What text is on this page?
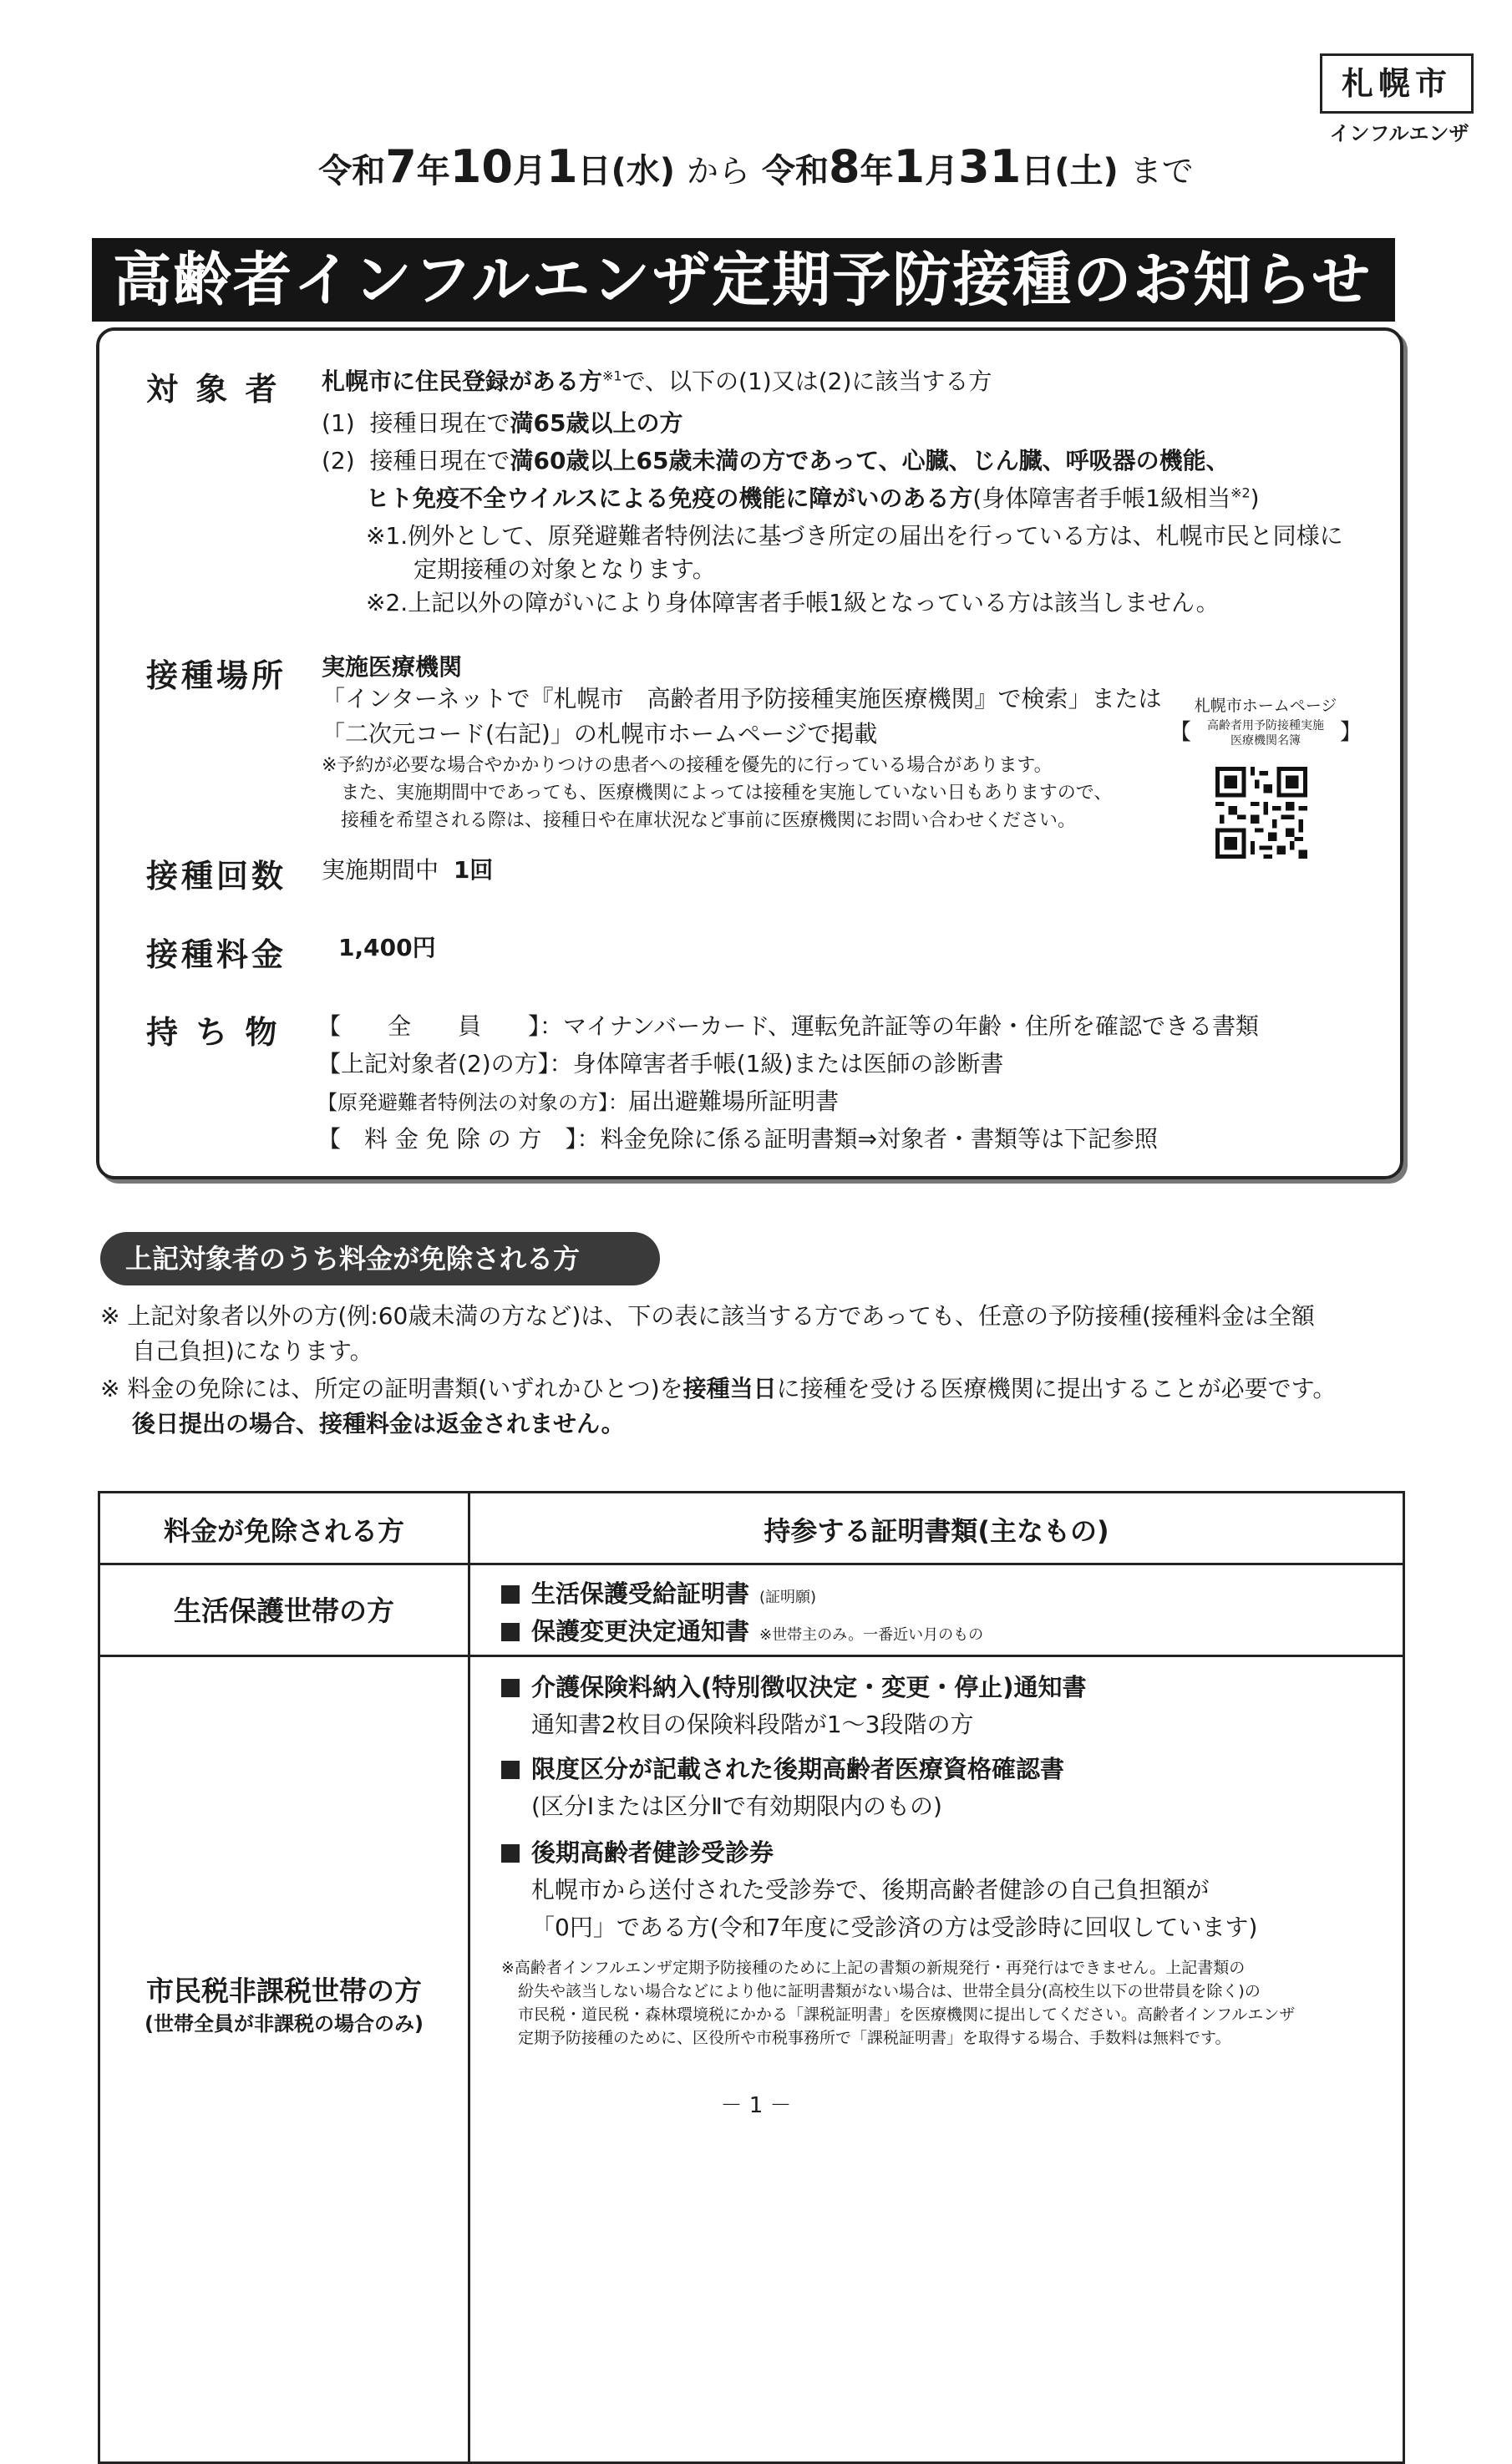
札幌市
インフルエンザ
令和7年10月1日(水) から 令和8年1月31日(土) まで
高齢者インフルエンザ定期予防接種のお知らせ
対 象 者 札幌市に住民登録がある方$^{※1}$で、以下の(1)又は(2)に該当する方
(1) 接種日現在で満65歳以上の方
(2) 接種日現在で満60歳以上65歳未満の方であって、心臓、じん臓、呼吸器の機能、
ヒト免疫不全ウイルスによる免疫の機能に障がいのある方(身体障害者手帳1級相当$^{※2}$)
※1.例外として、原発避難者特例法に基づき所定の届出を行っている方は、札幌市民と同様に
定期接種の対象となります。
※2.上記以外の障がいにより身体障害者手帳1級となっている方は該当しません。
接種場所 実施医療機関
「インターネットで『札幌市　高齢者用予防接種実施医療機関』で検索」または
「二次元コード(右記)」の札幌市ホームページで掲載
※予約が必要な場合やかかりつけの患者への接種を優先的に行っている場合があります。
また、実施期間中であっても、医療機関によっては接種を実施していない日もありますので、
接種を希望される際は、接種日や在庫状況など事前に医療機関にお問い合わせください。
札幌市ホームページ
【	】
高齢者用予防接種実施
医療機関名簿
接種回数 実施期間中 1回
接種料金 1,400円
持 ち 物 【　　全　　員　　】：マイナンバーカード、運転免許証等の年齢・住所を確認できる書類
【上記対象者(2)の方】：身体障害者手帳(1級)または医師の診断書
【原発避難者特例法の対象の方】：届出避難場所証明書
【　料 金 免 除 の 方　】：料金免除に係る証明書類⇒対象者・書類等は下記参照
上記対象者のうち料金が免除される方
※ 上記対象者以外の方(例:60歳未満の方など)は、下の表に該当する方であっても、任意の予防接種(接種料金は全額
自己負担)になります。
※ 料金の免除には、所定の証明書類(いずれかひとつ)を接種当日に接種を受ける医療機関に提出することが必要です。
後日提出の場合、接種料金は返金されません。
料金が免除される方	持参する証明書類(主なもの)
生活保護世帯の方
生活保護受給証明書 (証明願)
保護変更決定通知書 ※世帯主のみ。一番近い月のもの
市民税非課税世帯の方
(世帯全員が非課税の場合のみ)
介護保険料納入(特別徴収決定・変更・停止)通知書
通知書2枚目の保険料段階が1～3段階の方
限度区分が記載された後期高齢者医療資格確認書
(区分Ⅰまたは区分Ⅱで有効期限内のもの)
後期高齢者健診受診券
札幌市から送付された受診券で、後期高齢者健診の自己負担額が
「0円」である方(令和7年度に受診済の方は受診時に回収しています)
※高齢者インフルエンザ定期予防接種のために上記の書類の新規発行・再発行はできません。上記書類の
紛失や該当しない場合などにより他に証明書類がない場合は、世帯全員分(高校生以下の世帯員を除く)の
市民税・道民税・森林環境税にかかる「課税証明書」を医療機関に提出してください。高齢者インフルエンザ
定期予防接種のために、区役所や市税事務所で「課税証明書」を取得する場合、手数料は無料です。
－ 1 －
